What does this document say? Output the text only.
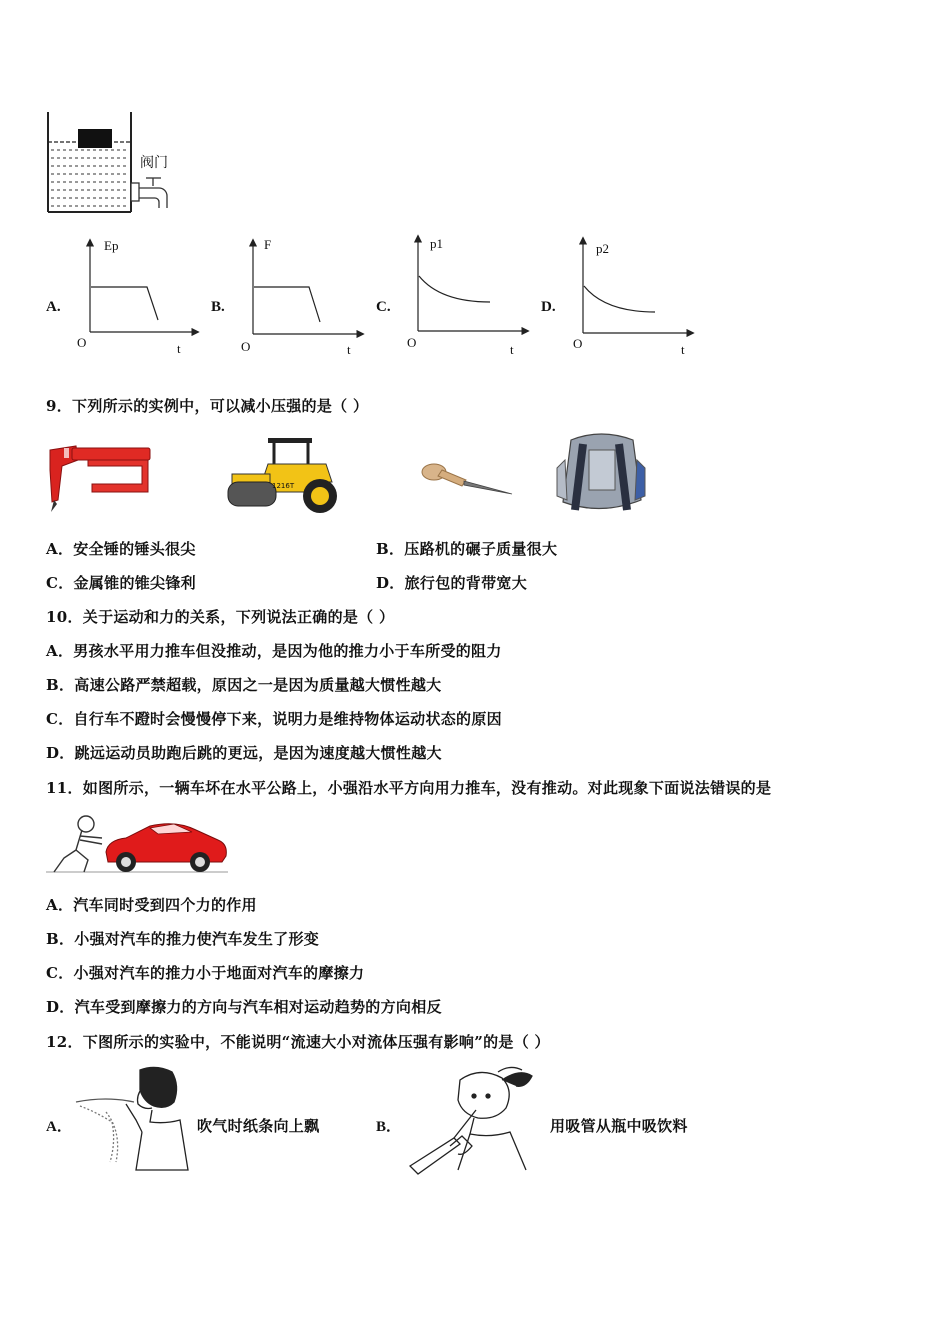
阀门
A.
Ep
O	t
B.
F
O	t
C.
p1
O	t
D.
p2
O	t
9．下列所示的实例中，可以减小压强的是（ ）
1216T
A．安全锤的锤头很尖	B．压路机的碾子质量很大
C．金属锥的锥尖锋利	D．旅行包的背带宽大
10．关于运动和力的关系，下列说法正确的是（ ）
A．男孩水平用力推车但没推动，是因为他的推力小于车所受的阻力
B．高速公路严禁超载，原因之一是因为质量越大惯性越大
C．自行车不蹬时会慢慢停下来，说明力是维持物体运动状态的原因
D．跳远运动员助跑后跳的更远，是因为速度越大惯性越大
11．如图所示，一辆车坏在水平公路上，小强沿水平方向用力推车，没有推动。对此现象下面说法错误的是
A．汽车同时受到四个力的作用
B．小强对汽车的推力使汽车发生了形变
C．小强对汽车的推力小于地面对汽车的摩擦力
D．汽车受到摩擦力的方向与汽车相对运动趋势的方向相反
12．下图所示的实验中，不能说明“流速大小对流体压强有影响”的是（ ）
A．	吹气时纸条向上飘	B．	用吸管从瓶中吸饮料
